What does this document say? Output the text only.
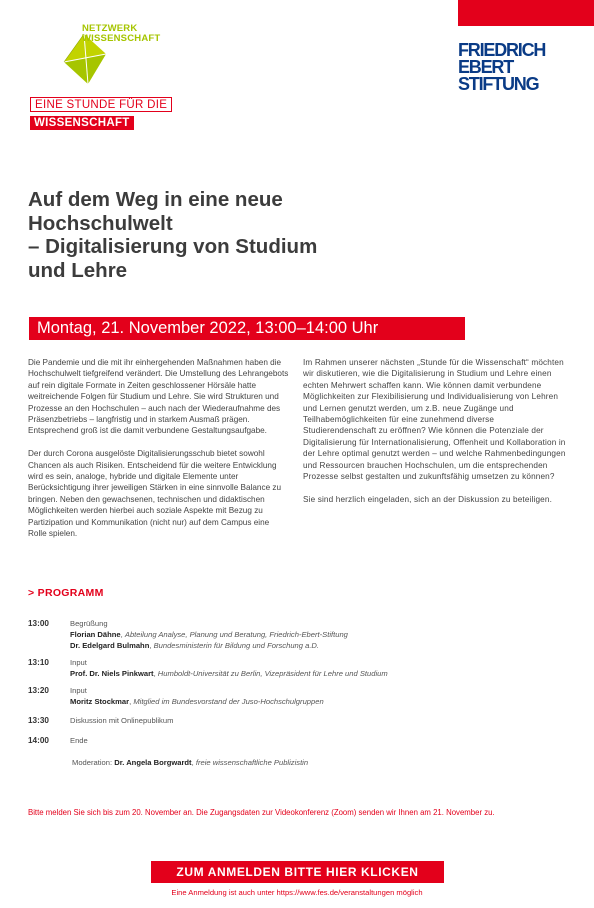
NETZWERK
WISSENSCHAFT
FRIEDRICH
EBERT
STIFTUNG
EINE STUNDE FÜR DIE
WISSENSCHAFT
Auf dem Weg in eine neue
Hochschulwelt
– Digitalisierung von Studium
und Lehre
Montag, 21. November 2022, 13:00–14:00 Uhr

Die Pandemie und die mit ihr einhergehenden Maßnahmen haben die Hochschulwelt tiefgreifend verändert. Die Umstellung des Lehrangebots auf rein digitale Formate in Zeiten geschlossener Hörsäle hatte weitreichende Folgen für Studium und Lehre. Sie wird Strukturen und Prozesse an den Hochschulen – auch nach der Wiederaufnahme des Präsenzbetriebs – langfristig und in starkem Ausmaß prägen. Entsprechend groß ist die damit verbundene Gestaltungsaufgabe.

Der durch Corona ausgelöste Digitalisierungsschub bietet sowohl Chancen als auch Risiken. Entscheidend für die weitere Entwicklung wird es sein, analoge, hybride und digitale Elemente unter Berücksichtigung ihrer jeweiligen Stärken in eine sinnvolle Balance zu bringen. Neben den gewachsenen, technischen und didaktischen Möglichkeiten werden hierbei auch soziale Aspekte mit Bezug zu Partizipation und Kommunikation (nicht nur) auf dem Campus eine Rolle spielen.

Im Rahmen unserer nächsten „Stunde für die Wissenschaft“ möchten wir diskutieren, wie die Digitalisierung in Studium und Lehre einen echten Mehrwert schaffen kann. Wie können damit verbundene Möglichkeiten zur Flexibilisierung und Individualisierung von Lehren und Lernen genutzt werden, um z.B. neue Zugänge und Teilhabemöglichkeiten für eine zunehmend diverse Studierendenschaft zu eröffnen? Wie können die Potenziale der Digitalisierung für Internationalisierung, Offenheit und Kollaboration in der Lehre optimal genutzt werden – und welche Rahmenbedingungen und Ressourcen brauchen Hochschulen, um die entsprechenden Prozesse selbst gestalten und zukunftsfähig umsetzen zu können?

Sie sind herzlich eingeladen, sich an der Diskussion zu beteiligen.

> PROGRAMM
13:00	Begrüßung
Florian Dähne, Abteilung Analyse, Planung und Beratung, Friedrich-Ebert-Stiftung
Dr. Edelgard Bulmahn, Bundesministerin für Bildung und Forschung a.D.
13:10	Input
Prof. Dr. Niels Pinkwart, Humboldt-Universität zu Berlin, Vizepräsident für Lehre und Studium
13:20	Input
Moritz Stockmar, Mitglied im Bundesvorstand der Juso-Hochschulgruppen
13:30	Diskussion mit Onlinepublikum
14:00	Ende
Moderation: Dr. Angela Borgwardt, freie wissenschaftliche Publizistin
Bitte melden Sie sich bis zum 20. November an. Die Zugangsdaten zur Videokonferenz (Zoom) senden wir Ihnen am 21. November zu.
ZUM ANMELDEN BITTE HIER KLICKEN
Eine Anmeldung ist auch unter https://www.fes.de/veranstaltungen möglich
